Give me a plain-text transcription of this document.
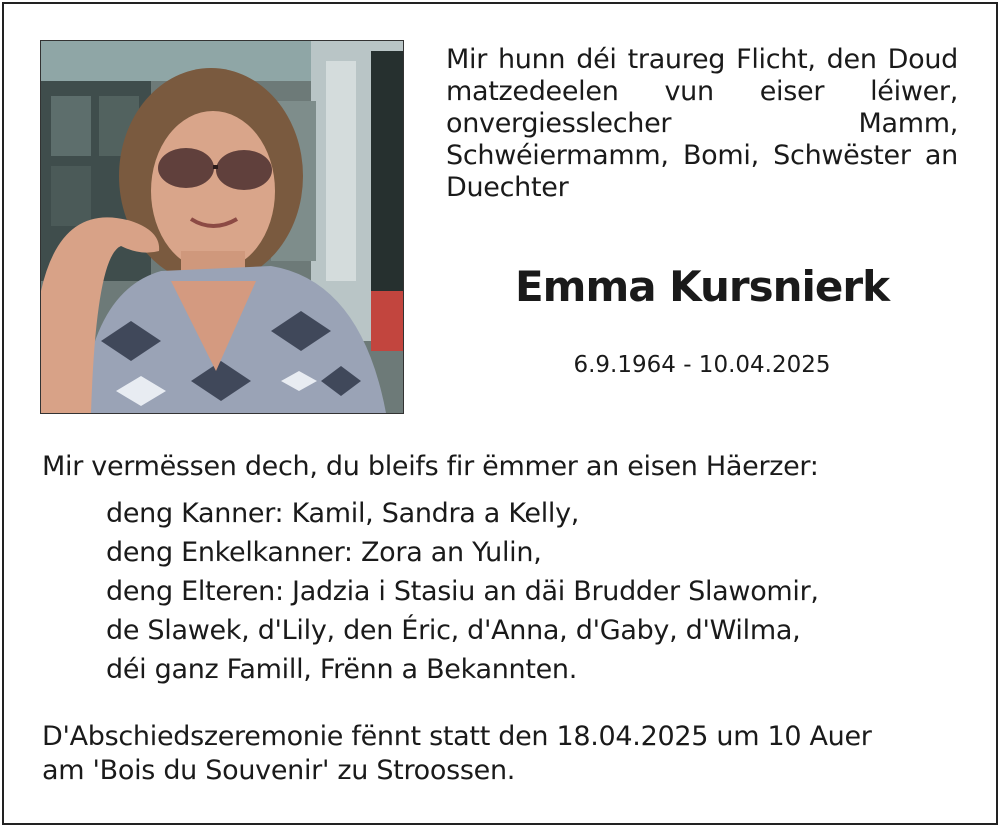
Mir hunn déi traureg Flicht, den Doud matzedeelen vun eiser léiwer, onvergiesslecher Mamm, Schwéiermamm, Bomi, Schwëster an Duechter

Emma Kursnierk

6.9.1964 - 10.04.2025

Mir vermëssen dech, du bleifs fir ëmmer an eisen Häerzer:

deng Kanner: Kamil, Sandra a Kelly,
deng Enkelkanner: Zora an Yulin,
deng Elteren: Jadzia i Stasiu an däi Brudder Slawomir,
de Slawek, d'Lily, den Éric, d'Anna, d'Gaby, d'Wilma,
déi ganz Famill, Frënn a Bekannten.

D'Abschiedszeremonie fënnt statt den 18.04.2025 um 10 Auer
am 'Bois du Souvenir' zu Stroossen.
